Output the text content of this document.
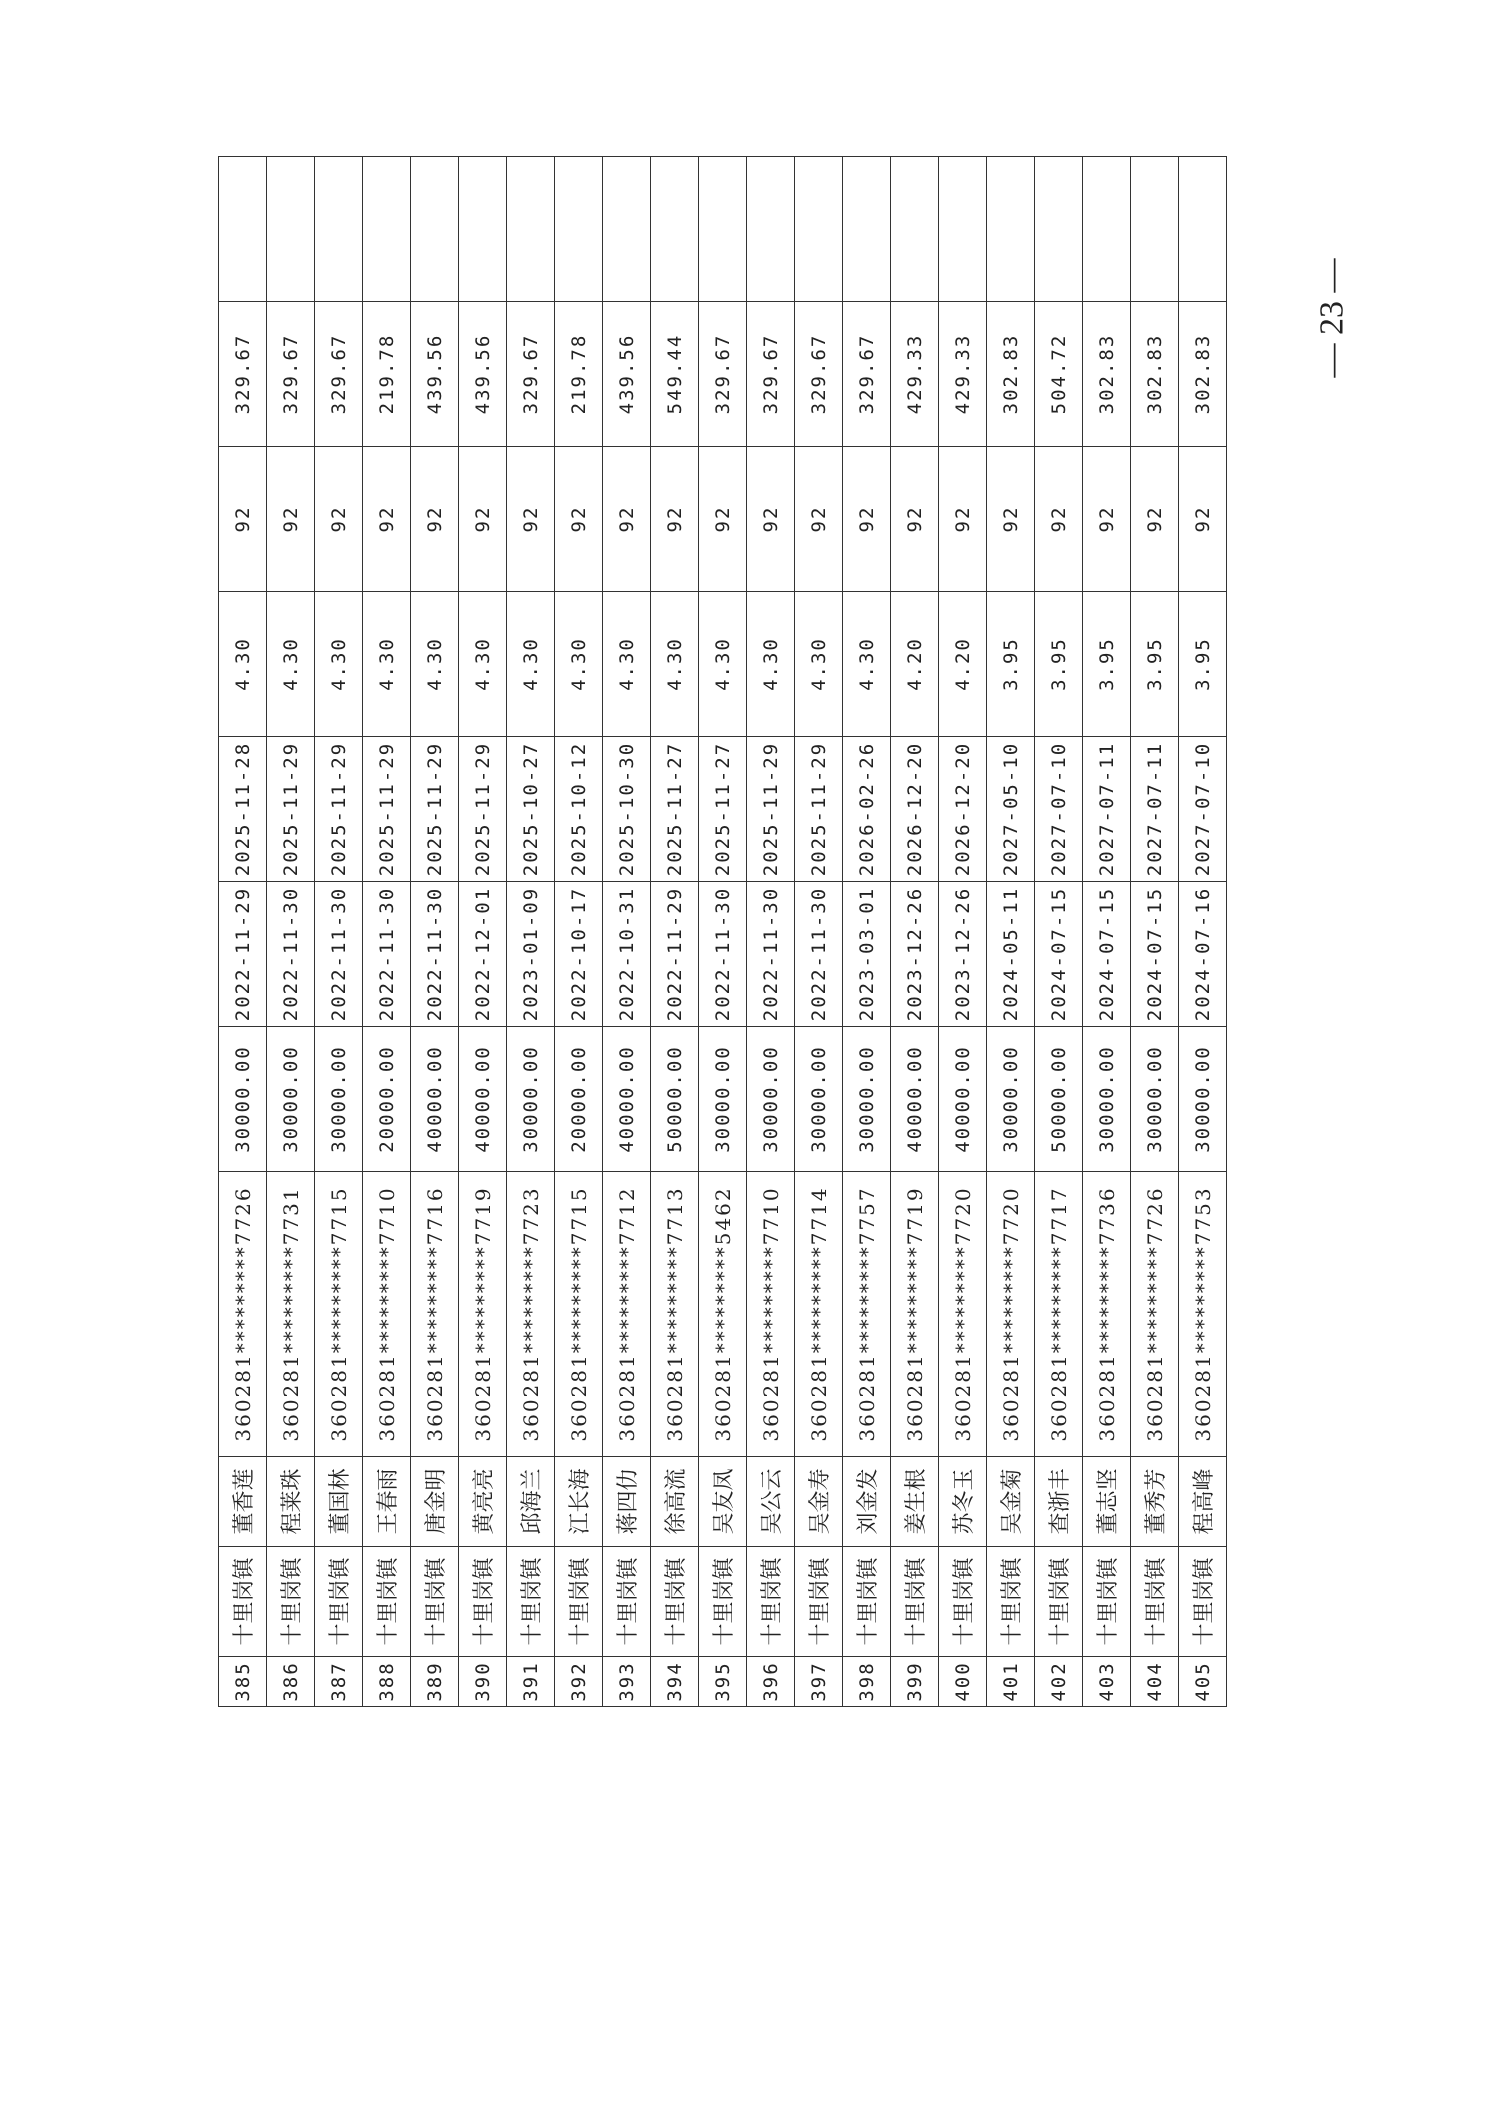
385	十里岗镇	董香莲	360281*********7726	30000.00	2022-11-29	2025-11-28	4.30	92	329.67	
386	十里岗镇	程莱珠	360281*********7731	30000.00	2022-11-30	2025-11-29	4.30	92	329.67	
387	十里岗镇	董国林	360281*********7715	30000.00	2022-11-30	2025-11-29	4.30	92	329.67	
388	十里岗镇	王春雨	360281*********7710	20000.00	2022-11-30	2025-11-29	4.30	92	219.78	
389	十里岗镇	唐金明	360281*********7716	40000.00	2022-11-30	2025-11-29	4.30	92	439.56	
390	十里岗镇	黄亮亮	360281*********7719	40000.00	2022-12-01	2025-11-29	4.30	92	439.56	
391	十里岗镇	邱海兰	360281*********7723	30000.00	2023-01-09	2025-10-27	4.30	92	329.67	
392	十里岗镇	江长海	360281*********7715	20000.00	2022-10-17	2025-10-12	4.30	92	219.78	
393	十里岗镇	蒋四仂	360281*********7712	40000.00	2022-10-31	2025-10-30	4.30	92	439.56	
394	十里岗镇	徐高流	360281*********7713	50000.00	2022-11-29	2025-11-27	4.30	92	549.44	
395	十里岗镇	吴友凤	360281*********5462	30000.00	2022-11-30	2025-11-27	4.30	92	329.67	
396	十里岗镇	吴公云	360281*********7710	30000.00	2022-11-30	2025-11-29	4.30	92	329.67	
397	十里岗镇	吴金寿	360281*********7714	30000.00	2022-11-30	2025-11-29	4.30	92	329.67	
398	十里岗镇	刘金发	360281*********7757	30000.00	2023-03-01	2026-02-26	4.30	92	329.67	
399	十里岗镇	姜生根	360281*********7719	40000.00	2023-12-26	2026-12-20	4.20	92	429.33	
400	十里岗镇	苏冬玉	360281*********7720	40000.00	2023-12-26	2026-12-20	4.20	92	429.33	
401	十里岗镇	吴金菊	360281*********7720	30000.00	2024-05-11	2027-05-10	3.95	92	302.83	
402	十里岗镇	查浙丰	360281*********7717	50000.00	2024-07-15	2027-07-10	3.95	92	504.72	
403	十里岗镇	董志坚	360281*********7736	30000.00	2024-07-15	2027-07-11	3.95	92	302.83	
404	十里岗镇	董秀芳	360281*********7726	30000.00	2024-07-15	2027-07-11	3.95	92	302.83	
405	十里岗镇	程高峰	360281*********7753	30000.00	2024-07-16	2027-07-10	3.95	92	302.83		— 23 —
